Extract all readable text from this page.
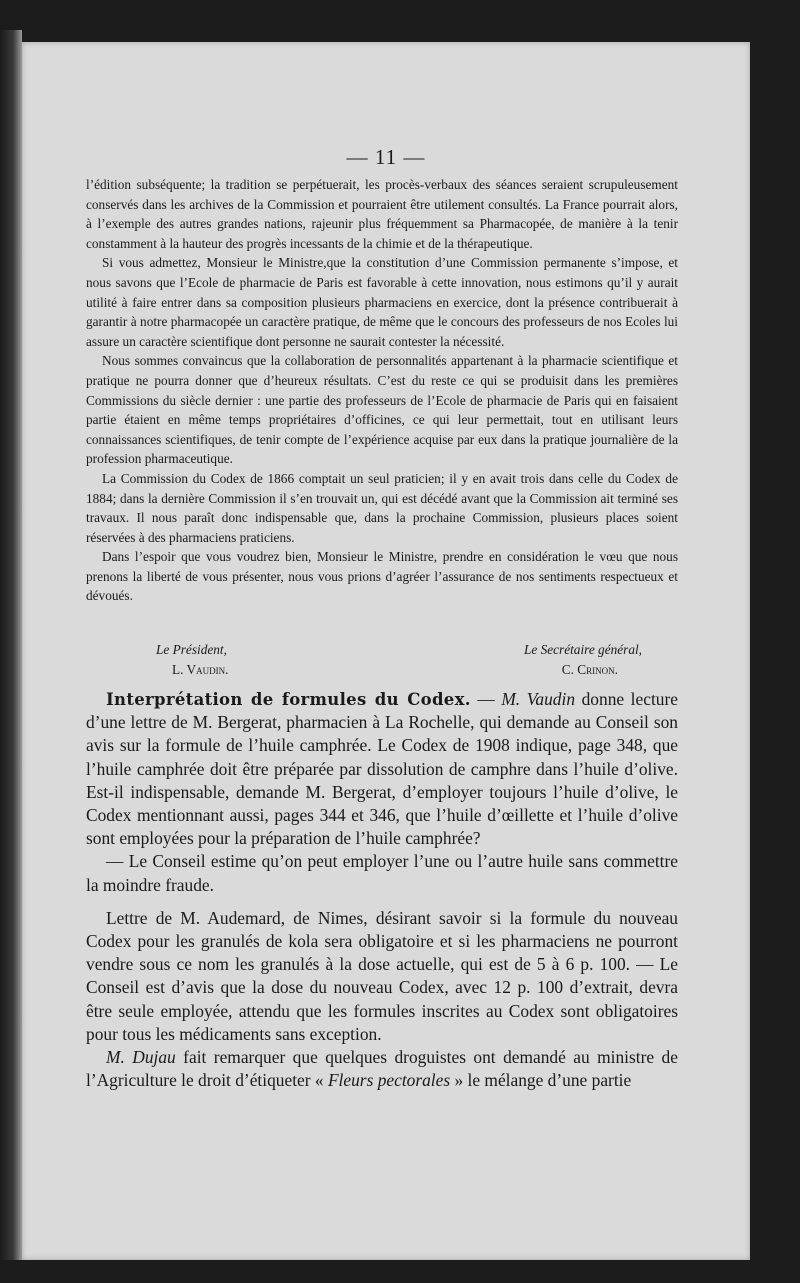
— 11 —

l’édition subséquente; la tradition se perpétuerait, les procès-verbaux des séances seraient scrupuleusement conservés dans les archives de la Commission et pourraient être utilement consultés. La France pourrait alors, à l’exemple des autres grandes nations, rajeunir plus fréquemment sa Pharmacopée, de manière à la tenir constamment à la hauteur des progrès incessants de la chimie et de la thérapeutique.

Si vous admettez, Monsieur le Ministre,que la constitution d’une Commission permanente s’impose, et nous savons que l’Ecole de pharmacie de Paris est favorable à cette innovation, nous estimons qu’il y aurait utilité à faire entrer dans sa composition plusieurs pharmaciens en exercice, dont la présence contribuerait à garantir à notre pharmacopée un caractère pratique, de même que le concours des professeurs de nos Ecoles lui assure un caractère scientifique dont personne ne saurait contester la nécessité.

Nous sommes convaincus que la collaboration de personnalités appartenant à la pharmacie scientifique et pratique ne pourra donner que d’heureux résultats. C’est du reste ce qui se produisit dans les premières Commissions du siècle dernier : une partie des professeurs de l’Ecole de pharmacie de Paris qui en faisaient partie étaient en même temps propriétaires d’officines, ce qui leur permettait, tout en utilisant leurs connaissances scientifiques, de tenir compte de l’expérience acquise par eux dans la pratique journalière de la profession pharmaceutique.

La Commission du Codex de 1866 comptait un seul praticien; il y en avait trois dans celle du Codex de 1884; dans la dernière Commission il s’en trouvait un, qui est décédé avant que la Commission ait terminé ses travaux. Il nous paraît donc indispensable que, dans la prochaine Commission, plusieurs places soient réservées à des pharmaciens praticiens.

Dans l’espoir que vous voudrez bien, Monsieur le Ministre, prendre en considération le vœu que nous prenons la liberté de vous présenter, nous vous prions d’agréer l’assurance de nos sentiments respectueux et dévoués.

Le Président,	Le Secrétaire général,
L. Vaudin.	C. Crinon.

Interprétation de formules du Codex. — M. Vaudin donne lecture d’une lettre de M. Bergerat, pharmacien à La Rochelle, qui demande au Conseil son avis sur la formule de l’huile camphrée. Le Codex de 1908 indique, page 348, que l’huile camphrée doit être préparée par dissolution de camphre dans l’huile d’olive. Est-il indispensable, demande M. Bergerat, d’employer toujours l’huile d’olive, le Codex mentionnant aussi, pages 344 et 346, que l’huile d’œillette et l’huile d’olive sont employées pour la préparation de l’huile camphrée?

— Le Conseil estime qu’on peut employer l’une ou l’autre huile sans commettre la moindre fraude.

Lettre de M. Audemard, de Nimes, désirant savoir si la formule du nouveau Codex pour les granulés de kola sera obligatoire et si les pharmaciens ne pourront vendre sous ce nom les granulés à la dose actuelle, qui est de 5 à 6 p. 100. — Le Conseil est d’avis que la dose du nouveau Codex, avec 12 p. 100 d’extrait, devra être seule employée, attendu que les formules inscrites au Codex sont obligatoires pour tous les médicaments sans exception.

M. Dujau fait remarquer que quelques droguistes ont demandé au ministre de l’Agriculture le droit d’étiqueter « Fleurs pectorales » le mélange d’une partie
